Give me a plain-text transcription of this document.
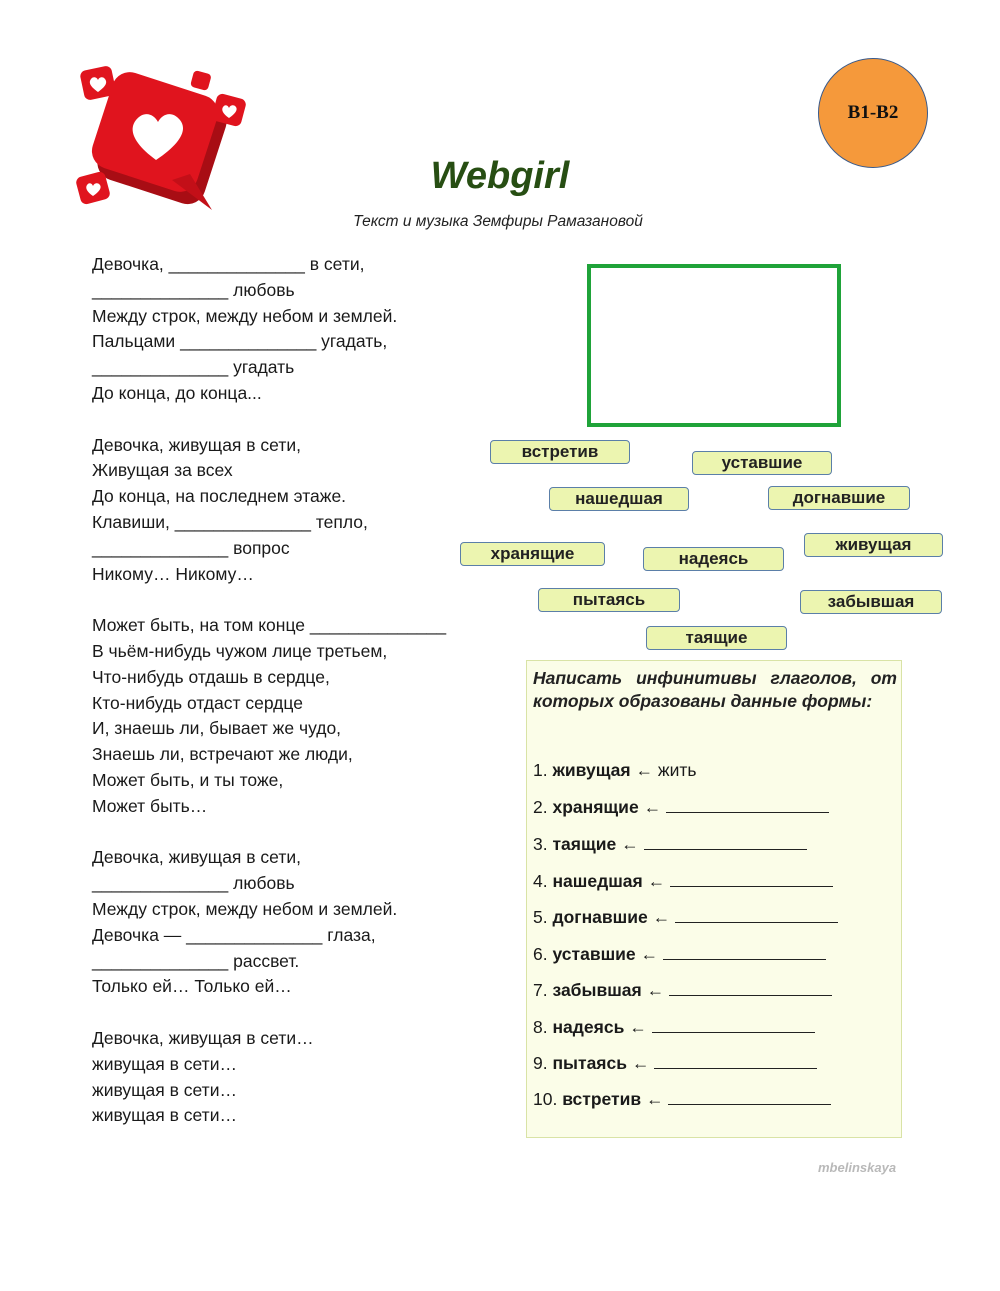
B1-B2
Webgirl
Текст и музыка Земфиры Рамазановой
Девочка, ______________ в сети,
______________ любовь
Между строк, между небом и землей.
Пальцами ______________ угадать,
______________ угадать
До конца, до конца...
Девочка, живущая в сети,
Живущая за всех
До конца, на последнем этаже.
Клавиши, ______________ тепло,
______________ вопрос
Никому… Никому…
Может быть, на том конце ______________
В чьём-нибудь чужом лице третьем,
Что-нибудь отдашь в сердце,
Кто-нибудь отдаст сердце
И, знаешь ли, бывает же чудо,
Знаешь ли, встречают же люди,
Может быть, и ты тоже,
Может быть…
Девочка, живущая в сети,
______________ любовь
Между строк, между небом и землей.
Девочка — ______________ глаза,
______________ рассвет.
Только ей… Только ей…
Девочка, живущая в сети…
живущая в сети…
живущая в сети…
живущая в сети…
встретив
уставшие
нашедшая	догнавшие
хранящие	надеясь
живущая
пытаясь	забывшая
таящие
Написать инфинитивы глаголов, от которых образованы данные формы:
1. живущая ← жить
2. хранящие ←
3. таящие ←
4. нашедшая ←
5. догнавшие ←
6. уставшие ←
7. забывшая ←
8. надеясь ←
9. пытаясь ←
10. встретив ←
mbelinskaya
